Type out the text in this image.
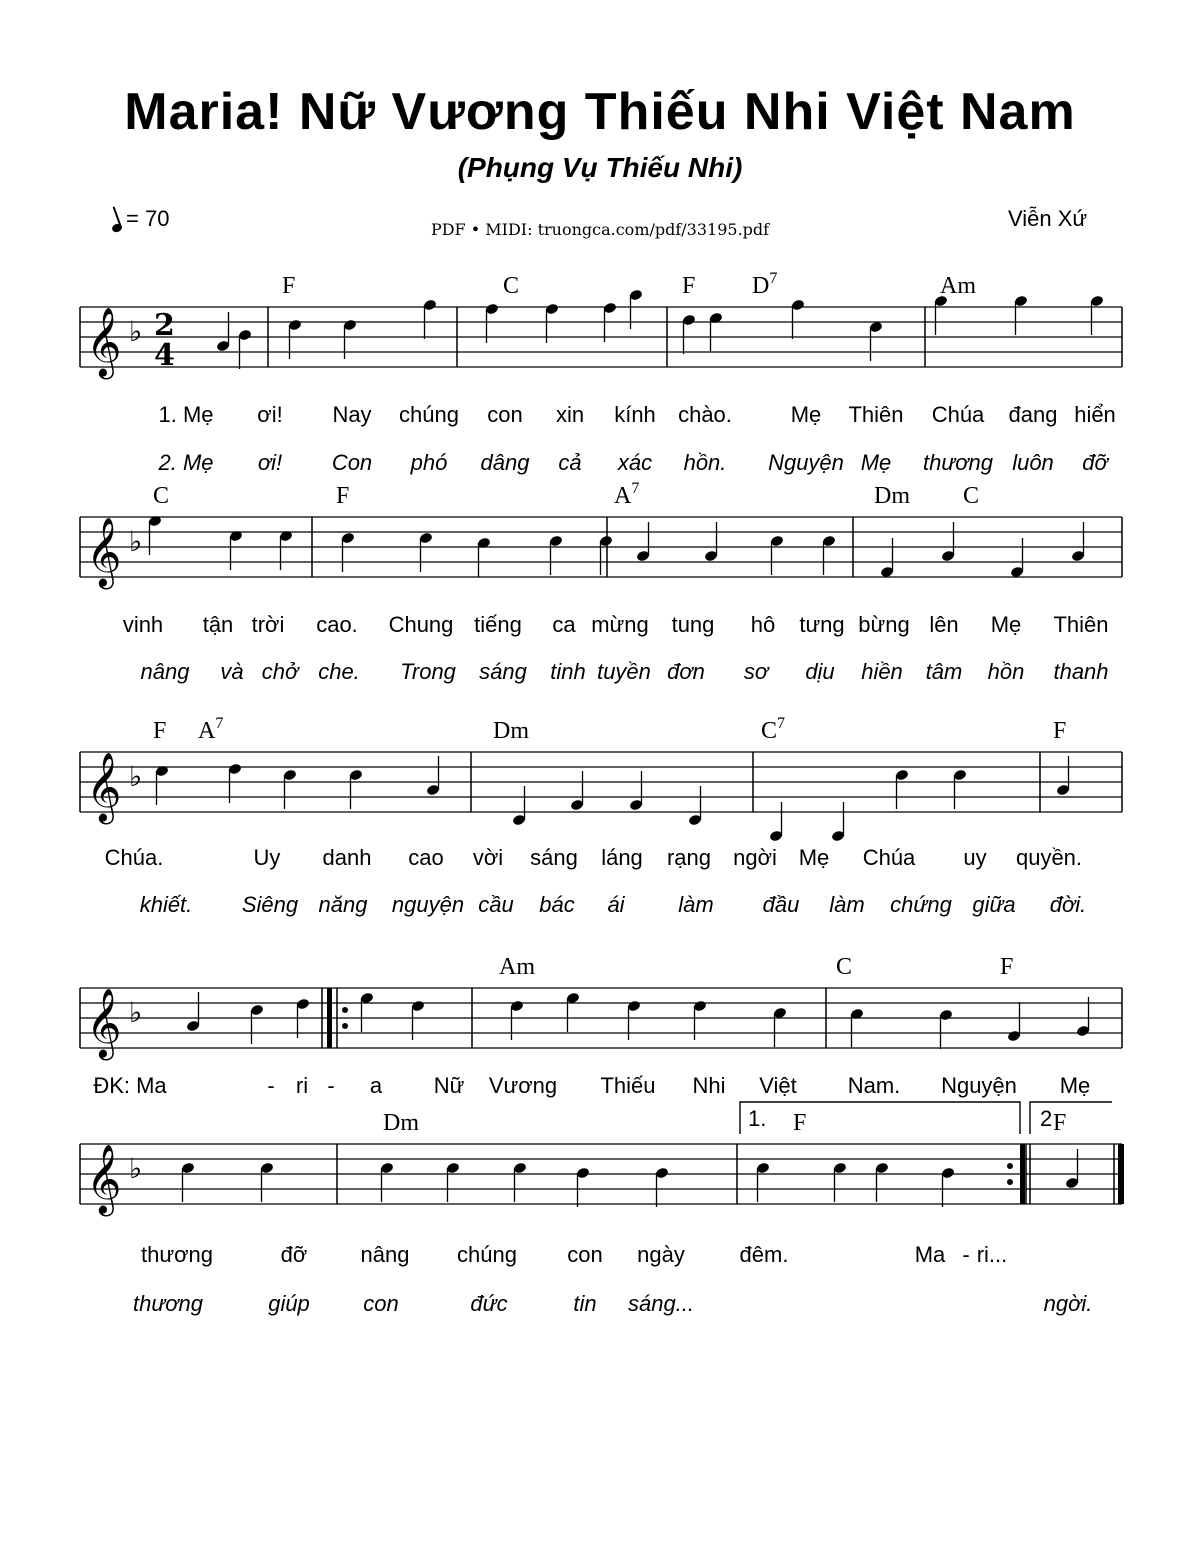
Maria! Nữ Vương Thiếu Nhi Việt Nam
(Phụng Vụ Thiếu Nhi)
= 70	PDF • MIDI: truongca.com/pdf/33195.pdf	Viễn Xứ
𝄞 ♭ 2
4
F	C	F $D^7$	Am
1. Mẹ ơi! Nay chúng con xin kính chào.	Mẹ Thiên Chúa đang hiển
2. Mẹ ơi! Con phó dâng cả xác hồn. Nguyện Mẹ thương luôn đỡ
𝄞 ♭
C	F	$A^7$	Dm C
vinh tận trời cao. Chung tiếng ca mừng tung hô tưng bừng lên Mẹ Thiên
nâng và chở che. Trong sáng tinh tuyền đơn sơ dịu hiền tâm hồn thanh
𝄞 ♭
F $A^7$	Dm	$C^7$	F
Chúa.	Uy danh cao vời sáng láng rạng ngời Mẹ Chúa uy quyền.
khiết. Siêng năng nguyện cầu bác ái làm đầu làm chứng giữa đời.
𝄞 ♭
Am	C	F
ĐK: Ma	- ri - a Nữ Vương Thiếu Nhi Việt Nam. Nguyện Mẹ
𝄞 ♭
1.	2
Dm	F	F
thương	đỡ nâng chúng con ngày đêm.	Ma - ri...
thương	giúp con	đức	tin sáng...	ngời.
